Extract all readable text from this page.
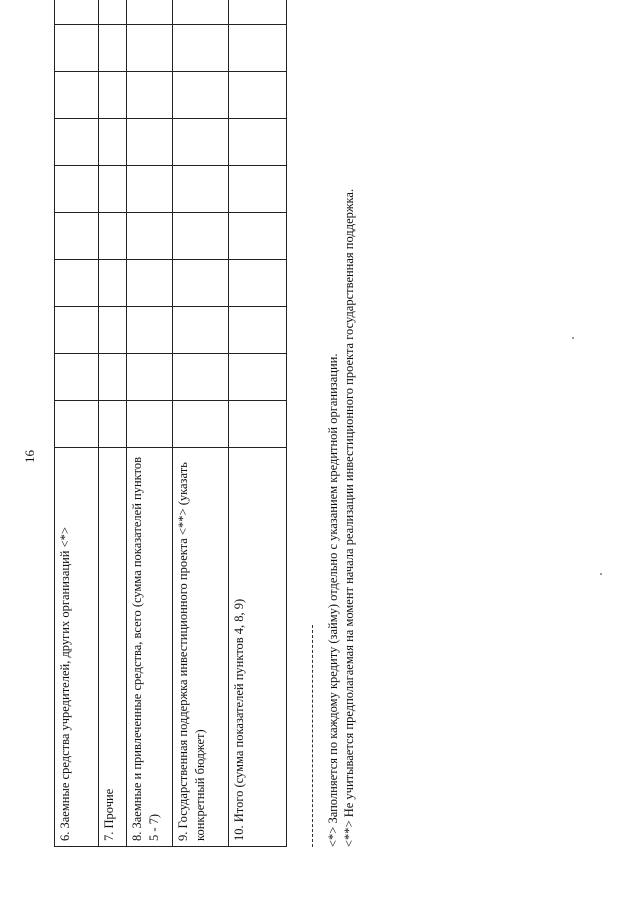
16
6. Заемные средства учредителей, других организаций <*>											
7. Прочие											
8. Заемные и привлеченные средства, всего (сумма показателей пунктов 5 - 7)											
9. Государственная поддержка инвестиционного проекта <**> (указать конкретный бюджет)											
10. Итого (сумма показателей пунктов 4, 8, 9)												<*> Заполняется по каждому кредиту (займу) отдельно с указанием кредитной организации. <**> Не учитывается предполагаемая на момент начала реализации инвестиционного проекта государственная поддержка.
